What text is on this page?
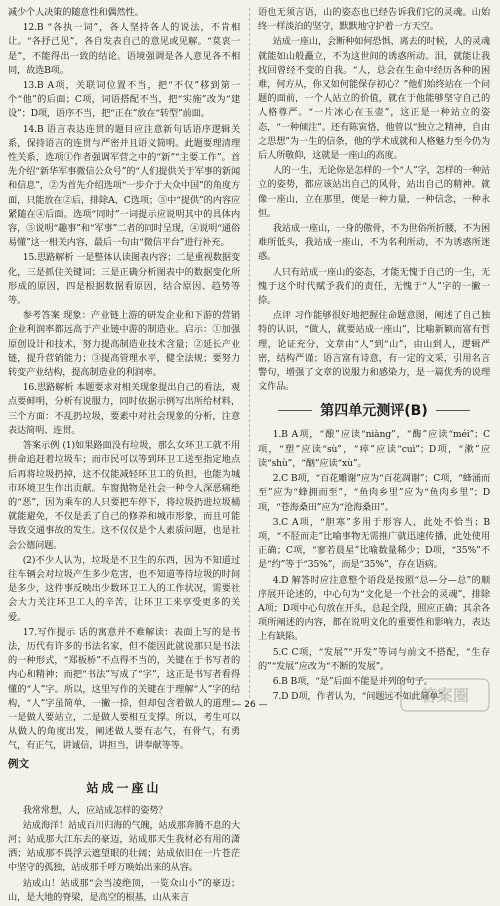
减少个人决策的随意性和偶然性。

12.B “各执一词”，各人坚持各人的说法，不肯相让。“各抒己见”，各自发表自己的意见或见解。“莫衷一是”，不能得出一致的结论。语境强调是各人意见各不相同，故选B项。

13.B A项，关联词位置不当，把“不仅”移到第一个“他”的后面；C项，词语搭配不当，把“实施”改为“建设”；D项，语序不当，把“正在”放在“转型”前面。

14.B 语言表达连贯的题目应注意新句话语序逻辑关系，保持语言的连贯与严密并且语义简明。此题要理清理性关系，选项①作者强调军营之中的“新”“主要工作”。首先介绍“新华军事微信公众号”的“人们提供关于军事的新闻和信息”，②为首先介绍选项“一步介于大众中国”的角度方面，只能放在②后，排除A、C选项；⑤中“提供”的内容应紧随在④后面。选项“同时”一词提示应说明其中的具体内容，⑤说明“趣事”和“军事”二者的同时呈现，④说明“通俗易懂”这一相关内容，最后一句由“微信平台”进行补充。

15.思路解析 一是整体认读图表内容；二是重视数据变化，三是抓住关键词；三是正确分析图表中的数据变化所形成的原因，四是根据数据看原因，结合原因、趋势等等。

参考答案 现象：产业链上游的研发企业和下游的营销企业利润率都远高于产业链中游的制造业。启示：①加强原创设计和技术，努力提高制造业技术含量；②延长产业链，提升营销能力；③提高管理水平，健全法规；要努力转变产业结构，提高制造业的利润率。

16.思路解析 本题要求对相关现象提出自己的看法，观点要鲜明，分析有说服力，同时依据示例写出所给材料，三个方面：不乱扔垃圾，要素中对社会现象的分析，注意表达简明、连贯。

答案示例 (1)如果路面没有垃圾，那么女环卫工就不用拼命追赶着垃圾车；而市民可以等到环卫工送至指定地点后再将垃圾扔掉，这不仅能减轻环卫工的负担，也能为城市环境卫生作出贡献。车窗抛物是社会一种令人深恶痛绝的“恶”，因为乘车的人只要把车停下，将垃圾扔进垃圾桶就能避免，不仅是丢了自己的修养和城市形象，而且可能导致交通事故的发生。这不仅仅是个人素质问题，也是社会公德问题。

(2)不少人认为，垃圾是不卫生的东西，因为不知道过往车辆会对垃圾产生多少危害，也不知道等待垃圾的时间是多少，这件事反映出少数环卫工人的工作状况，需要社会大力关注环卫工人的辛苦，让环卫工来享受更多的关爱。

17.写作提示 话的寓意并不难解读：表面上写的是书法，历代有许多的书法名家，但不能因此就说那只是书法的一种形式，“郑板桥”不点得不当的，关键在于书写者的内心和精神；而把“书法”写成了“字”，这正是书写者看得懂的“人”字。所以，这里写作的关键在于理解“人”字的结构，“人”字虽简单，一撇一捺，但却包含着做人的道理：一是做人要站立，二是做人要相互支撑。所以，考生可以从做人的角度出发，阐述做人要有志气，有骨气，有勇气，有正气，讲诚信，讲担当，讲奉献等等。

例文
站成一座山

我常常想，人，应站成怎样的姿势？

站成海洋！站成百川归海的气魄，站成那奔腾不息的大河；站成那大江东去的豪迈，站成那天生我材必有用的潇洒；站成那不畏浮云遮望眼的壮阔；站成依旧在一片苍茫中坚守的孤独，站成那千呼万唤始出来的从容。

站成山！站成那“会当凌绝顶，一览众山小”的豪迈；山，是大地的脊梁，是高空的根基，山从来言

语也无须言语，山的姿态也已经告诉我们它的灵魂。山始终一样淡泊的坚守，默默地守护着一方天空。

站成一座山，会断种如何恐惧、离去的时候，人的灵魂就能如山般矗立，不为这世间的诱惑所动。泪，就能让我找回曾经不变的自我。“人，总会在生命中经历各种的困难，何方从，你又如何能保存初心？”他们始终站在一个问题的面前，一个人站立的价值，就在于他能够坚守自己的人格尊严。“一片冰心在玉壶”，这正是一种站立的姿态，“一种倾注”。还有陈寅恪，他曾以“独立之精神，自由之思想”为一生的信条，他的学术成就和人格魅力至今仍为后人所敬仰，这就是一座山的高度。

人的一生，无论你是怎样的一个“人”字，怎样的一种站立的姿势，都应该站出自己的风骨，站出自己的精神。就像一座山，立在那里，便是一种力量，一种信念，一种永恒。

我站成一座山，一身的傲骨，不为世俗所折腰，不为困难所低头，我站成一座山，不为名利所动，不为诱惑所迷惑。

人只有站成一座山的姿态，才能无愧于自己的一生，无愧于这个时代赋予我们的责任，无愧于“人”字的一撇一捺。

点评 习作能够很好地把握住命题意图，阐述了自己独特的认识，“做人，就要站成一座山”，比喻新颖而富有哲理，论证充分，文章由“人”到“山”，由山到人，逻辑严密，结构严谨；语言富有诗意，有一定的文采，引用名言警句，增强了文章的说服力和感染力，是一篇优秀的说理文作品。

第四单元测评(B)

1.B A项，“酿”应读“niàng”，“酶”应读“méi”；C项，“塑”应读“sù”，“瘁”应读“cuì”；D项，“漱”应读“shù”，“酗”应读“xù”。

2.C B项，“百花雕谢”应为“百花凋谢”；C项，“蜂涌而至”应为“蜂拥而至”，“鱼肉乡里”应为“鱼肉乡里”；D项，“苍海桑田”应为“沧海桑田”。

3.C A项，“胆寒”多用于形容人，此处不恰当；B项，“不胫而走”比喻事物无需推广就迅速传播，此处使用正确；C项，“寥若晨星”比喻数量稀少；D项，“35%”不是“约”等于“35%”，而是“35%”，存在语病。

4.D 解答时应注意整个语段是按照“总—分—总”的顺序展开论述的，中心句为“文化是一个社会的灵魂”，排除A项；D项中心句放在开头，总起全段，照应正确；其余各项所阐述的内容，都在说明文化的重要性和影响力，表达上有缺陷。

5.C C项，“发展”“开发”等词与前文不搭配，“生存的”“发展”应改为“不断的发展”。

6.B B项，“是”后面不能是并列的句子。

7.D D项，作者认为，“问题远不如此简单”

— 26 —	答案圈
